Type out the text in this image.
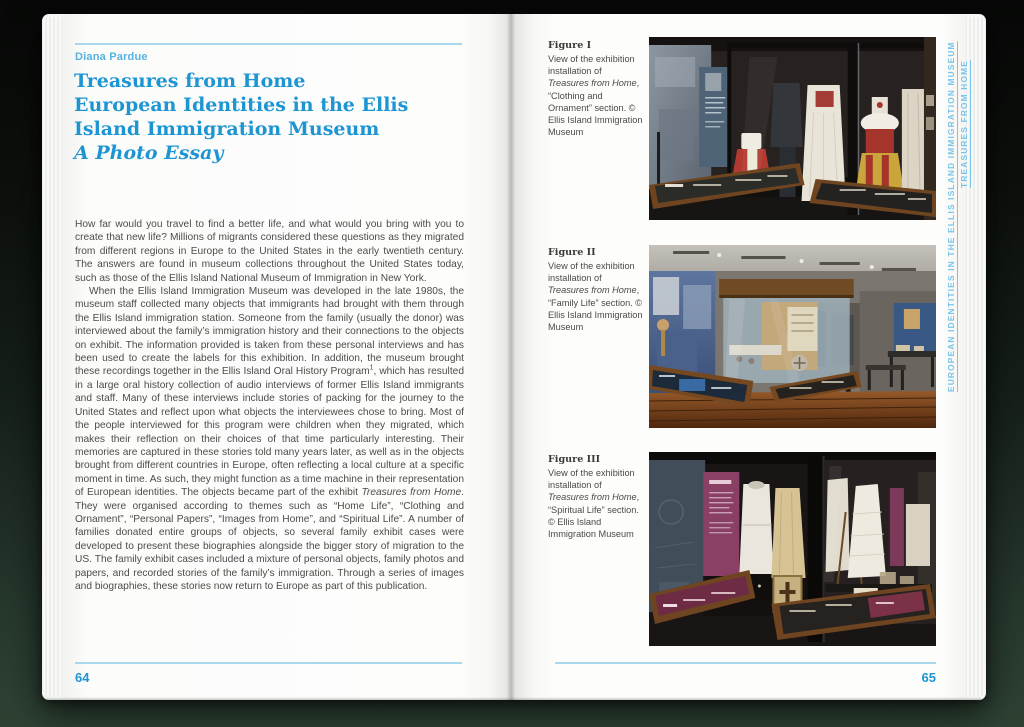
Diana Pardue
Treasures from Home
European Identities in the Ellis
Island Immigration Museum
A Photo Essay

How far would you travel to find a better life, and what would you bring with you to create that new life? Millions of migrants considered these questions as they migrated from different regions in Europe to the United States in the early twentieth century. The answers are found in museum collections throughout the United States today, such as those of the Ellis Island National Museum of Immigration in New York.

When the Ellis Island Immigration Museum was developed in the late 1980s, the museum staff collected many objects that immigrants had brought with them through the Ellis Island immigration station. Someone from the family (usually the donor) was interviewed about the family’s immigration history and their connections to the objects on exhibit. The information provided is taken from these personal interviews and has been used to create the labels for this exhibition. In addition, the museum brought these recordings together in the Ellis Island Oral History Program$^1$, which has resulted in a large oral history collection of audio interviews of former Ellis Island immigrants and staff. Many of these interviews include stories of packing for the journey to the United States and reflect upon what objects the interviewees chose to bring. Most of the people interviewed for this program were children when they migrated, which makes their reflection on their choices of that time particularly interesting. Their memories are captured in these stories told many years later, as well as in the objects brought from different countries in Europe, often reflecting a local culture at a specific moment in time. As such, they might function as a time machine in their representation of European identities. The objects became part of the exhibit Treasures from Home. They were organised according to themes such as “Home Life”, “Clothing and Ornament”, “Personal Papers”, “Images from Home”, and “Spiritual Life”. A number of families donated entire groups of objects, so several family exhibit cases were developed to present these biographies alongside the bigger story of migration to the US. The family exhibit cases included a mixture of personal objects, family photos and papers, and recorded stories of the family’s immigration. Through a series of images and biographies, these stories now return to Europe as part of this publication.

64
Figure I
View of the exhibition installation of Treasures from Home, “Clothing and Ornament” section. © Ellis Island Immigration Museum
Figure II
View of the exhibition installation of Treasures from Home, “Family Life” section. © Ellis Island Immigration Museum
Figure III
View of the exhibition installation of Treasures from Home, “Spiritual Life” section. © Ellis Island Immigration Museum
65
TREASURES FROM HOME
EUROPEAN IDENTITIES IN THE ELLIS ISLAND IMMIGRATION MUSEUM
